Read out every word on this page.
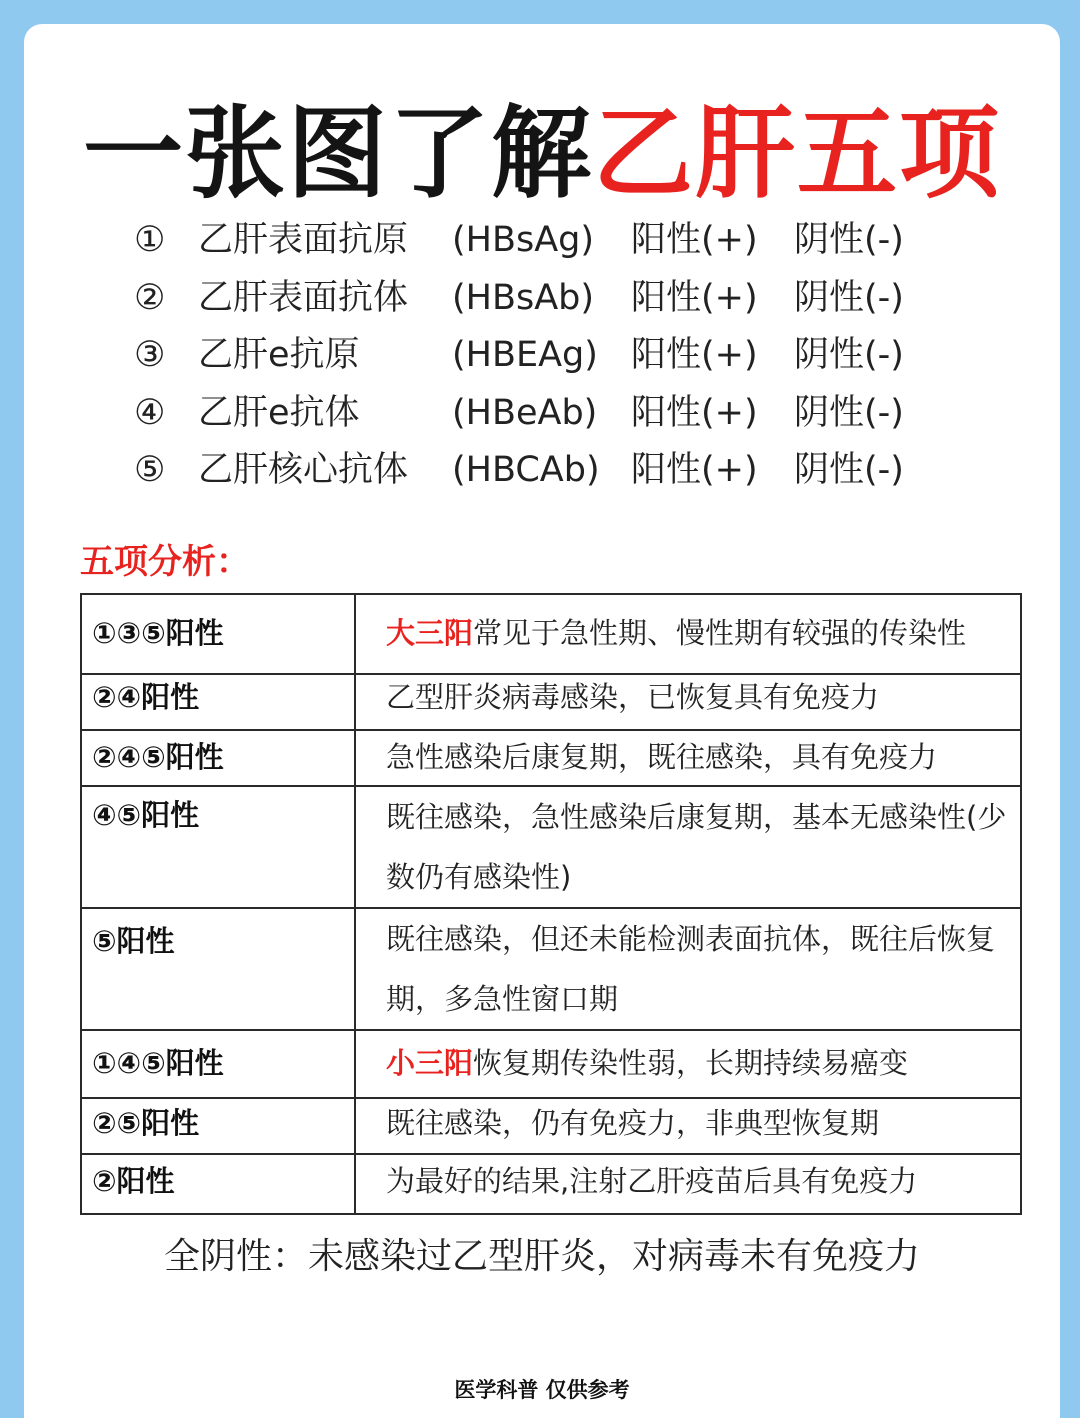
一张图了解乙肝五项
① 乙肝表面抗原 (HBsAg) 阳性(+) 阴性(-)
② 乙肝表面抗体 (HBsAb) 阳性(+) 阴性(-)
③ 乙肝e抗原	(HBEAg) 阳性(+) 阴性(-)
④ 乙肝e抗体	(HBeAb) 阳性(+) 阴性(-)
⑤ 乙肝核心抗体 (HBCAb) 阳性(+) 阴性(-)
五项分析：
①③⑤阳性	大三阳常见于急性期、慢性期有较强的传染性
②④阳性	乙型肝炎病毒感染，已恢复具有免疫力
②④⑤阳性	急性感染后康复期，既往感染，具有免疫力
④⑤阳性	既往感染，急性感染后康复期，基本无感染性(少数仍有感染性)
⑤阳性	既往感染，但还未能检测表面抗体，既往后恢复期，多急性窗口期
①④⑤阳性	小三阳恢复期传染性弱，长期持续易癌变
②⑤阳性	既往感染，仍有免疫力，非典型恢复期
②阳性	为最好的结果,注射乙肝疫苗后具有免疫力
全阴性：未感染过乙型肝炎，对病毒未有免疫力
医学科普 仅供参考
